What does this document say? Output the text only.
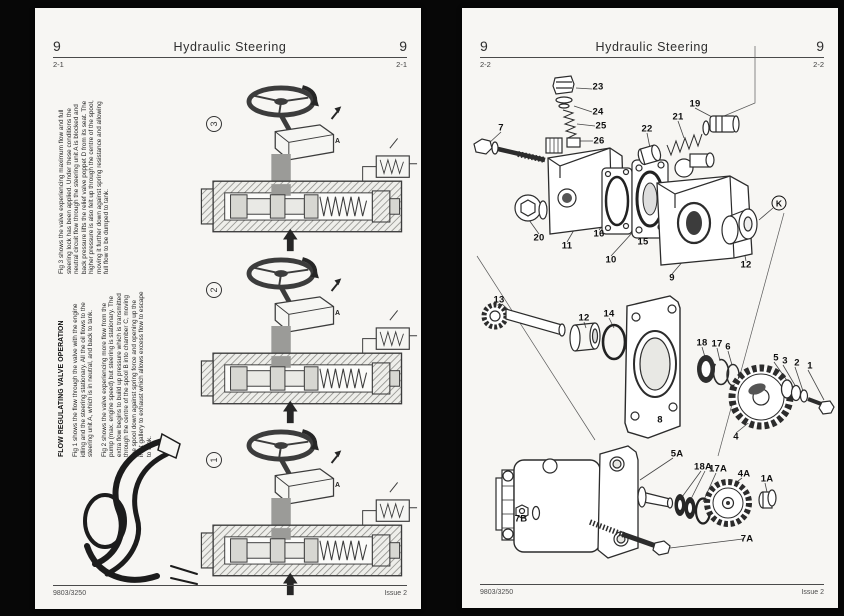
9	Hydraulic Steering	9
2-1	2-1
FLOW REGULATING VALVE OPERATION Fig 1 shows the flow through the valve with the engine idling and the steering stationary. All the oil flows to the steering unit A, which is in neutral, and back to tank. Fig 2 shows the valve experiencing more flow from the pump (max. engine speed) but steering is stationary. The extra flow begins to build up pressure which is transmitted through the centre of the spool B into chamber C, moving the spool down against spring force and opening up the inlet gallery to exhaust which allows excess flow to escape to tank.

Fig 3 shows the valve experiencing maximum flow and full steering lock has been applied. Under these conditions the neutral circuit flow through the steering unit A is blocked and back pressure lifts the relief valve poppet D from its seat. The higher pressure is also felt up through the centre of the spool, moving it further down against spring resistance and allowing full flow to be dumped to tank.

3
2
1
A
A
A
9803/3250	Issue 2
9	Hydraulic Steering	9
2-2	2-2
23
24
25
26
7	22
21
19
20
11
16
15
10
9
12
K
13
12 14
18 17 6
5 3 2 1
8
4
5A
18A
17A 4A 1A
7B
7A
9803/3250	Issue 2
